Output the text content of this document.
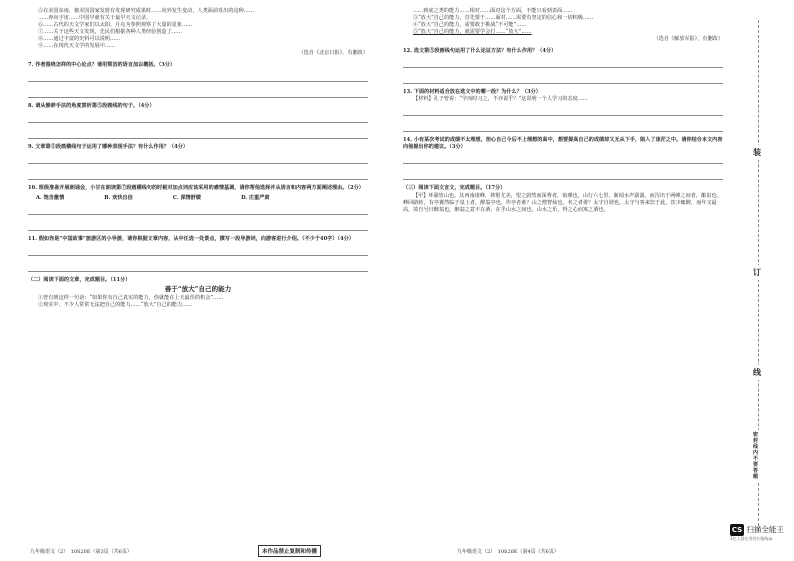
⑤在美国东南，被美国国家发射有发现研究成果时……向外发生变动，人类面前发出的这种……

……奔向宇宙……中国早就有关于最早天文记录。

⑥……古代的天文学家们以太阳、月亮为参照观察了大量的星象……

⑦……关于这些天文发现，先民们根据各种人类经验创造了……

⑧……通过丰富的史料可以说明……

⑨……在现代天文学的发展中……

（选自《北京日报》，有删改）

7. 作者围绕怎样的中心论点？请用简洁的语言加以概括。（3分）

8. 请从修辞手法的角度赏析第⑤段画线的句子。（4分）

9. 文章第⑤段画横线句子运用了哪种表现手法？有什么作用？（4分）

10. 班级准备开展朗诵会，小甘在朗读第⑦段画横线句的时候对加点词应该采用的感情基调，请你帮他选择并从语言和内容两方面阐述理由。（2分）

A. 饱含激情	B. 欢快自信	C. 深情舒缓	D. 庄重严肃

11. 假如你是“中国故事”旅游区的小导游，请你根据文章内容，从中任选一处景点，撰写一段导游词，向游客进行介绍。（不少于40字）（4分）

（二）阅读下面的文章，完成题目。（11分）

善于“放大”自己的能力

①曾有到这样一句话：“如果你有自己真实的能力，你就能在上天最佳的机会”……

②现实中，不少人常常无法把自己的能力……“放大”自己的能力……

九年级语文（2）　10S20E（第3页（共6页）	本作品禁止复制和传播

……到底之类的能力……相对……面对这个方面，不能只看到表面……

③“放大”自己的能力，首先要于……面对……需要有坚定的信心和一切积极……

④“放大”自己的能力，需要敢于挑战“不可能”……

⑤“放大”自己的能力，就需要学会打……“放大”……

（选自《解放军报》，有删改）

12. 选文第⑤段画线句运用了什么论证方法？有什么作用？（4分）

13. 下面的材料适合放在选文中的哪一段？为什么？（3分）

【材料】孔子曾说：“学而时习之，不亦说乎？”这说明一个人学习的态度……

14. 小有某次考试的成绩不太理想，担心自己今后不上理想的高中，想要提高自己的成绩却又无从下手，陷入了迷茫之中。请你结合本文内容向他提出你的建议。（3分）

（三）阅读下面文言文，完成题目。（17分）

【甲】环滁皆山也。其西南诸峰，林壑尤美，望之蔚然而深秀者，琅琊也。山行六七里，渐闻水声潺潺，而泻出于两峰之间者，酿泉也。峰回路转，有亭翼然临于泉上者，醉翁亭也。作亭者谁？山之僧智仙也。名之者谁？太守自谓也。太守与客来饮于此，饮少辄醉，而年又最高，故自号曰醉翁也。醉翁之意不在酒，在乎山水之间也。山水之乐，得之心而寓之酒也。

九年级语文（2）　10S20E（第4页（共6页）
装
订
线
密封线内不要答题
CS 扫描全能王
3亿人都在用的扫描App
